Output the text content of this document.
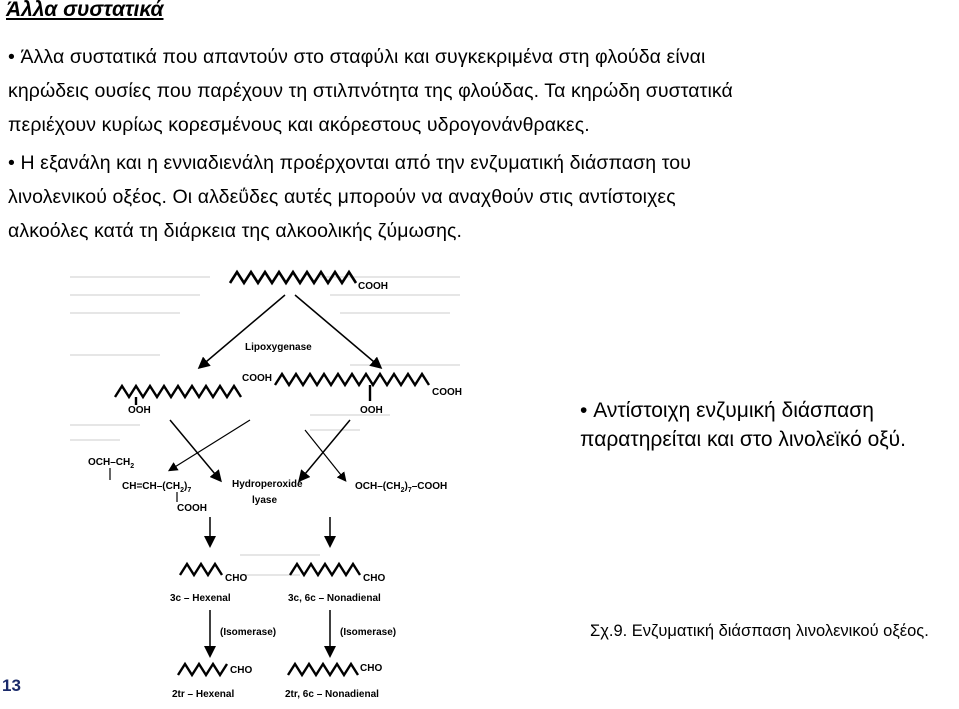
Άλλα συστατικά
• Άλλα συστατικά που απαντούν στο σταφύλι και συγκεκριμένα στη φλούδα είναι
κηρώδεις ουσίες που παρέχουν τη στιλπνότητα της φλούδας. Τα κηρώδη συστατικά
περιέχουν κυρίως κορεσμένους και ακόρεστους υδρογονάνθρακες.
• Η εξανάλη και η εννιαδιενάλη προέρχονται από την ενζυματική διάσπαση του
λινολενικού οξέος. Οι αλδεΰδες αυτές μπορούν να αναχθούν στις αντίστοιχες
αλκοόλες κατά τη διάρκεια της αλκοολικής ζύμωσης.
COOH
Lipoxygenase
COOH
OOH
COOH
OOH
OCH–$CH_2$
$CH=CH-(CH_2)_7$
COOH
Hydroperoxide
lyase
OCH–$(CH_2)_7$–COOH
CHO
3c – Hexenal
CHO
3c, 6c – Nonadienal
(Isomerase)	(Isomerase)
CHO
2tr – Hexenal
CHO
2tr, 6c – Nonadienal
• Αντίστοιχη ενζυμική διάσπαση παρατηρείται και στο λινολεϊκό οξύ.
Σχ.9. Ενζυματική διάσπαση λινολενικού οξέος.
13
